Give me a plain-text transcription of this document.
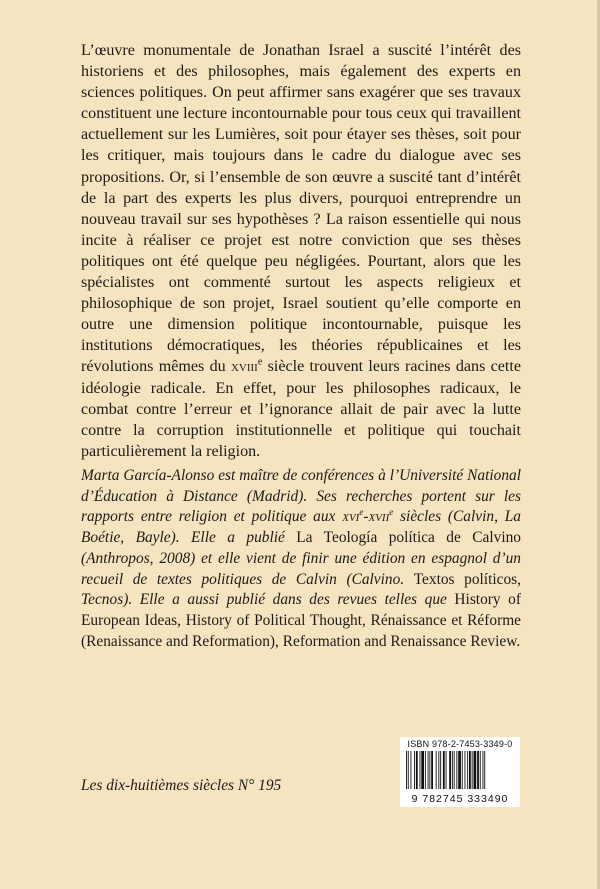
L’œuvre monumentale de Jonathan Israel a suscité l’intérêt des historiens et des philosophes, mais également des experts en sciences politiques. On peut affirmer sans exagérer que ses travaux constituent une lecture incontournable pour tous ceux qui travaillent actuellement sur les Lumières, soit pour étayer ses thèses, soit pour les critiquer, mais toujours dans le cadre du dialogue avec ses propositions. Or, si l’ensemble de son œuvre a suscité tant d’intérêt de la part des experts les plus divers, pourquoi entreprendre un nouveau travail sur ses hypothèses ? La raison essentielle qui nous incite à réaliser ce projet est notre conviction que ses thèses politiques ont été quelque peu négligées. Pourtant, alors que les spécialistes ont commenté surtout les aspects religieux et philosophique de son projet, Israel soutient qu’elle comporte en outre une dimension politique incontournable, puisque les institutions démocratiques, les théories républicaines et les révolutions mêmes du xviii$^e$ siècle trouvent leurs racines dans cette idéologie radicale. En effet, pour les philosophes radicaux, le combat contre l’erreur et l’ignorance allait de pair avec la lutte contre la corruption institutionnelle et politique qui touchait particulièrement la religion.

Marta García-Alonso est maître de conférences à l’Université National d’Éducation à Distance (Madrid). Ses recherches portent sur les rapports entre religion et politique aux xvi$^e$-xvii$^e$ siècles (Calvin, La Boétie, Bayle). Elle a publié La Teología política de Calvino (Anthropos, 2008) et elle vient de finir une édition en espagnol d’un recueil de textes politiques de Calvin (Calvino. Textos políticos, Tecnos). Elle a aussi publié dans des revues telles que History of European Ideas, History of Political Thought, Rénaissance et Réforme (Renaissance and Reformation), Reformation and Renaissance Review.

Les dix-huitièmes siècles N° 195

ISBN 978-2-7453-3349-0
9 782745 333490
